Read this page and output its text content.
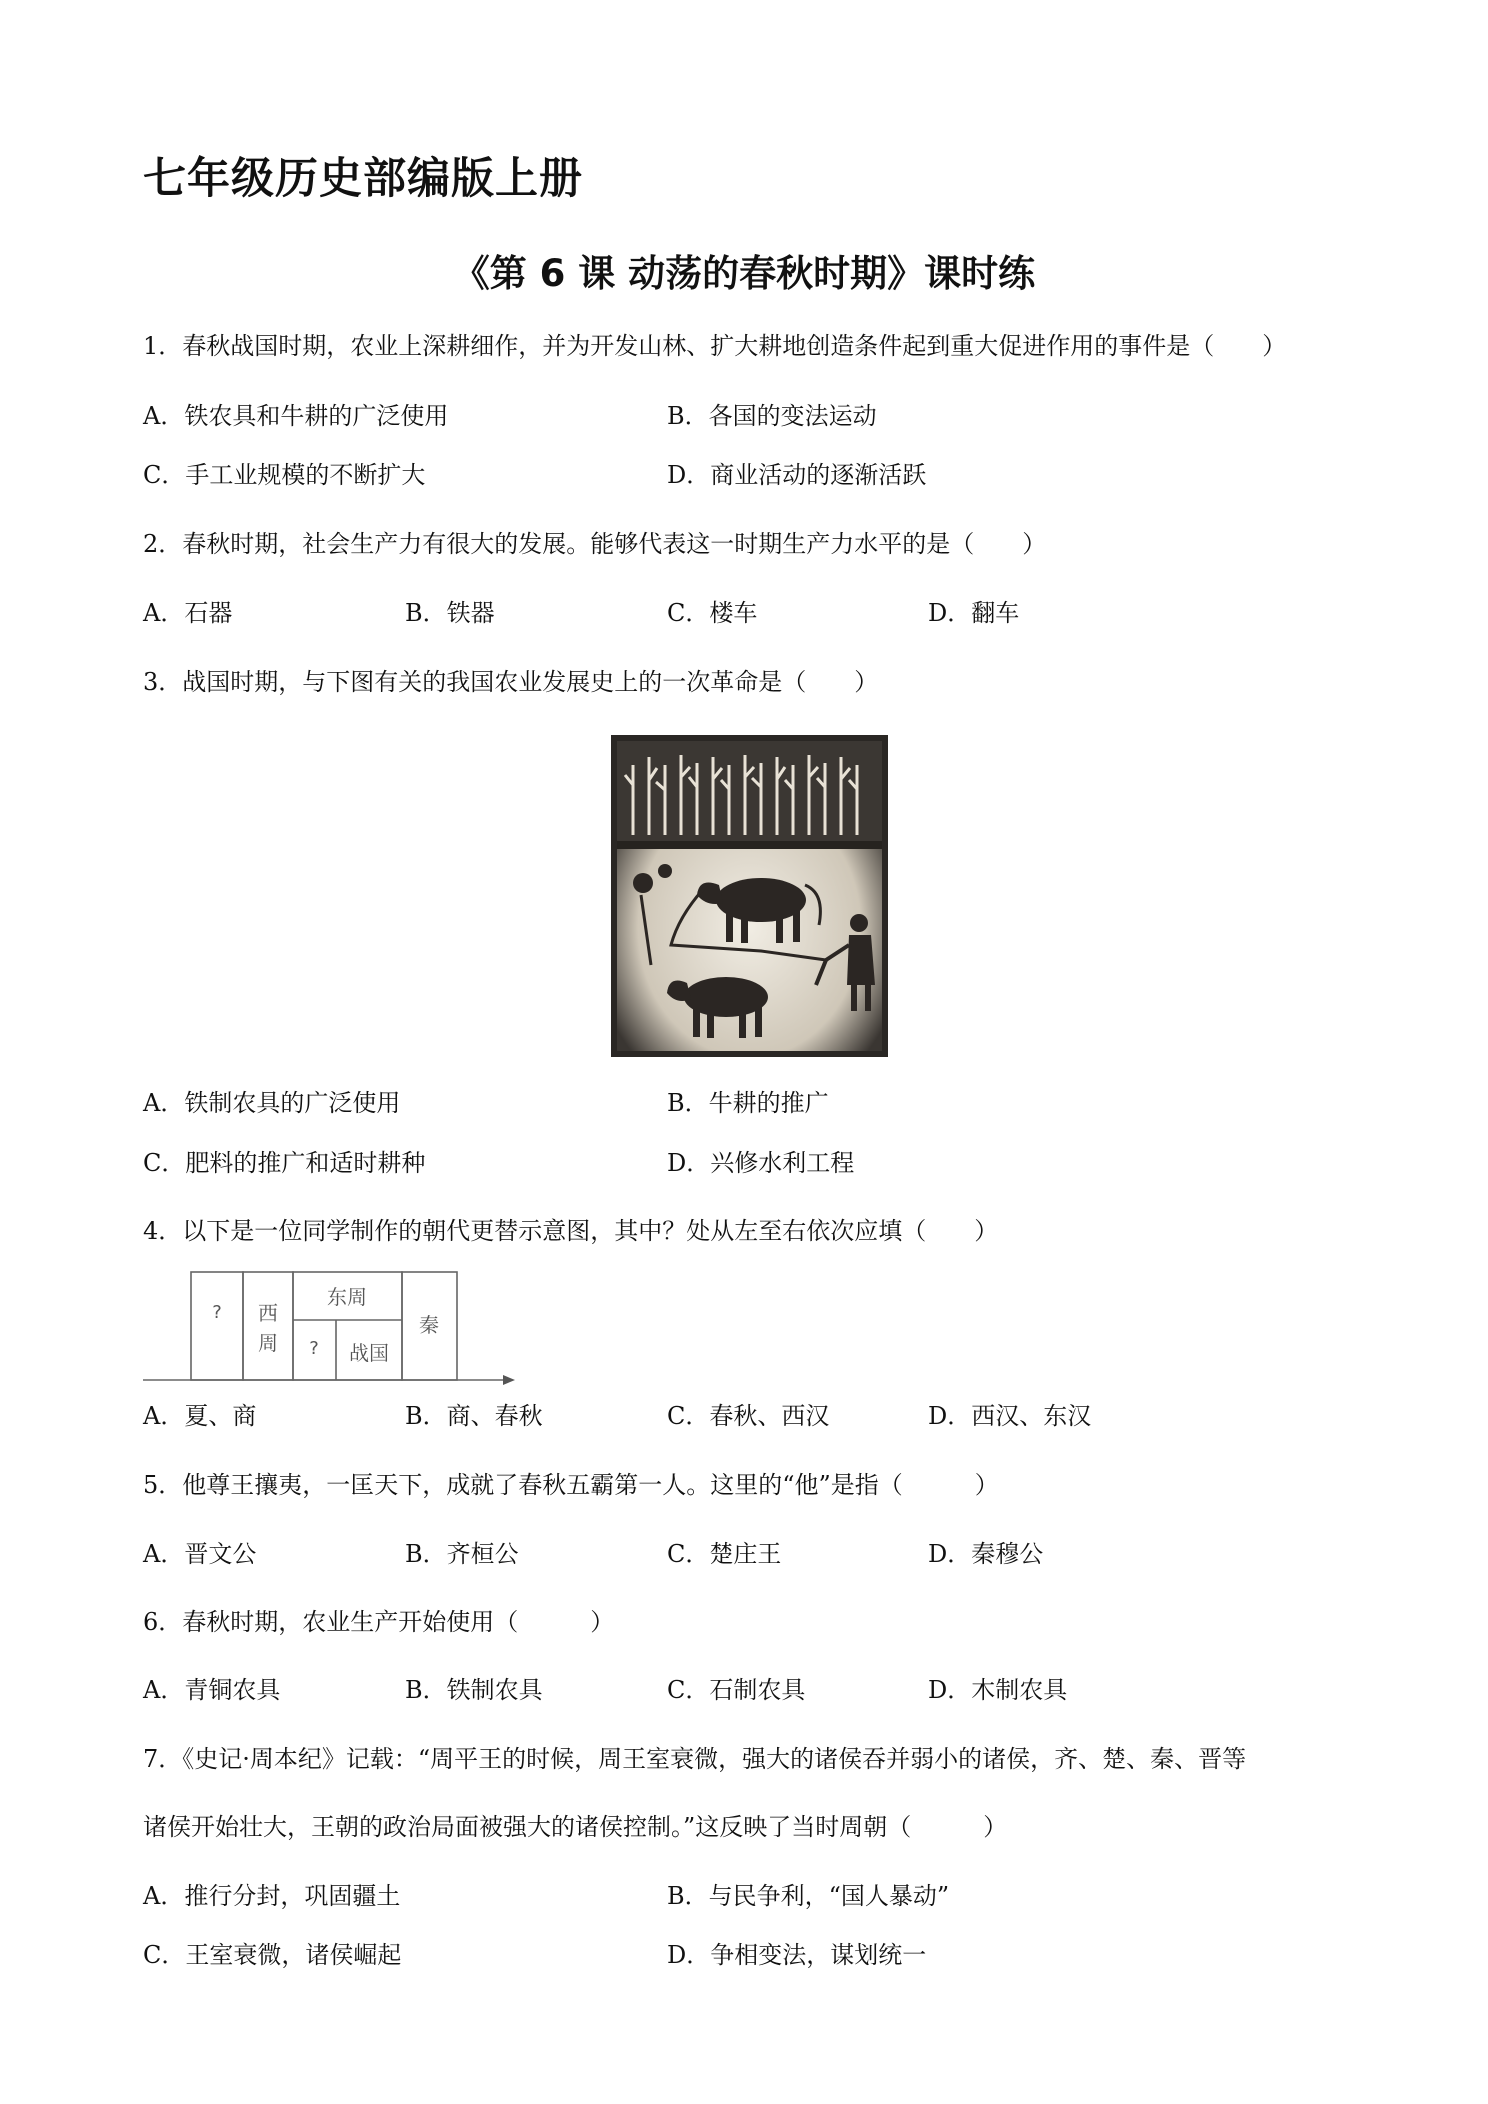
七年级历史部编版上册
《第 6 课 动荡的春秋时期》课时练
1．春秋战国时期，农业上深耕细作，并为开发山林、扩大耕地创造条件起到重大促进作用的事件是（　　）
A．铁农具和牛耕的广泛使用	B．各国的变法运动
C．手工业规模的不断扩大	D．商业活动的逐渐活跃
2．春秋时期，社会生产力有很大的发展。能够代表这一时期生产力水平的是（　　）
A．石器	B．铁器	C．楼车	D．翻车
3．战国时期，与下图有关的我国农业发展史上的一次革命是（　　）
A．铁制农具的广泛使用	B．牛耕的推广
C．肥料的推广和适时耕种	D．兴修水利工程
4．以下是一位同学制作的朝代更替示意图，其中？处从左至右依次应填（　　）
? 西
周
东周
? 战国
秦
A．夏、商	B．商、春秋	C．春秋、西汉	D．西汉、东汉
5．他尊王攘夷，一匡天下，成就了春秋五霸第一人。这里的“他”是指（　　　）
A．晋文公	B．齐桓公	C．楚庄王	D．秦穆公
6．春秋时期，农业生产开始使用（　　　）
A．青铜农具	B．铁制农具	C．石制农具	D．木制农具
7．《史记·周本纪》记载：“周平王的时候，周王室衰微，强大的诸侯吞并弱小的诸侯，齐、楚、秦、晋等
诸侯开始壮大，王朝的政治局面被强大的诸侯控制。”这反映了当时周朝（　　　）
A．推行分封，巩固疆土	B．与民争利，“国人暴动”
C．王室衰微，诸侯崛起	D．争相变法，谋划统一
